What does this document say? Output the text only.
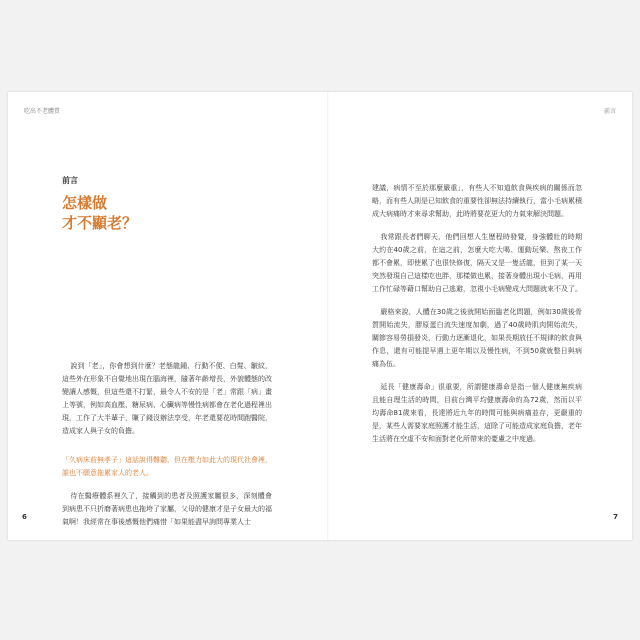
吃出不老體質
前言
怎樣做
才不顯老？

說到「老」，你會想到什麼？老態龍鍾、行動不便、白髮、皺紋，這些外在形象不自覺地出現在腦海裡，隨著年齡增長，外貌體態的改變讓人感慨，但這些還不打緊，最令人不安的是「老」常跟「病」畫上等號，例如高血壓、糖尿病、心臟病等慢性病都會在老化過程裡出現，工作了大半輩子，賺了錢沒辦法享受，年老還要花時間跑醫院，造成家人與子女的負擔。

「久病床前無孝子」這話說得難聽，但在壓力如此大的現代社會裡，誰也不願意拖累家人的老人。

待在醫療體系裡久了，接觸到的患者及照護家屬很多，深刻體會到病患不只折磨著病患也拖垮了家屬，父母的健康才是子女最大的福氣啊！我經常在事後感慨他們痛惜「如果能盡早詢問專業人士

6
前言

建議，病情不至於那麼嚴重」，有些人不知道飲食與疾病的關係而忽略，而有些人則是已知飲食的重要性卻無法持續執行，當小毛病累積成大病痛時才來尋求幫助，此時將要花更大的力氣來解決問題。

我常跟長者們聊天，他們回想人生歷程時發覺，身強體壯的時期大約在40歲之前，在這之前，怎麼大吃大喝、運動玩樂、熬夜工作都不會累，即使累了也很快修復，隔天又是一隻活龍，但到了某一天突然發現自己這樣吃也胖，那樣做也累，接著身體出現小毛病，再用工作忙碌等藉口幫助自己逃避，忽視小毛病變成大問題就來不及了。

嚴格來說，人體在30歲之後就開始面臨老化問題，例如30歲後骨質開始流失，膠原蛋白流失速度加劇，過了40歲時肌肉開始流失，關節容易勞損發炎，行動力逐漸退化，如果長期放任不規律的飲食與作息，還有可能提早遇上更年期以及慢性病，不到50歲就整日與病痛為伍。

延長「健康壽命」很重要，所謂健康壽命是指一個人健康無疾病且能自理生活的時間，目前台灣平均健康壽命約為72歲，然而以平均壽命81歲來看，長達將近九年的時間可能與病痛並存，更嚴重的是，某些人需要家庭照護才能生活，這除了可能造成家庭負擔，老年生活將在空虛不安和面對老化所帶來的憂慮之中度過。

7
